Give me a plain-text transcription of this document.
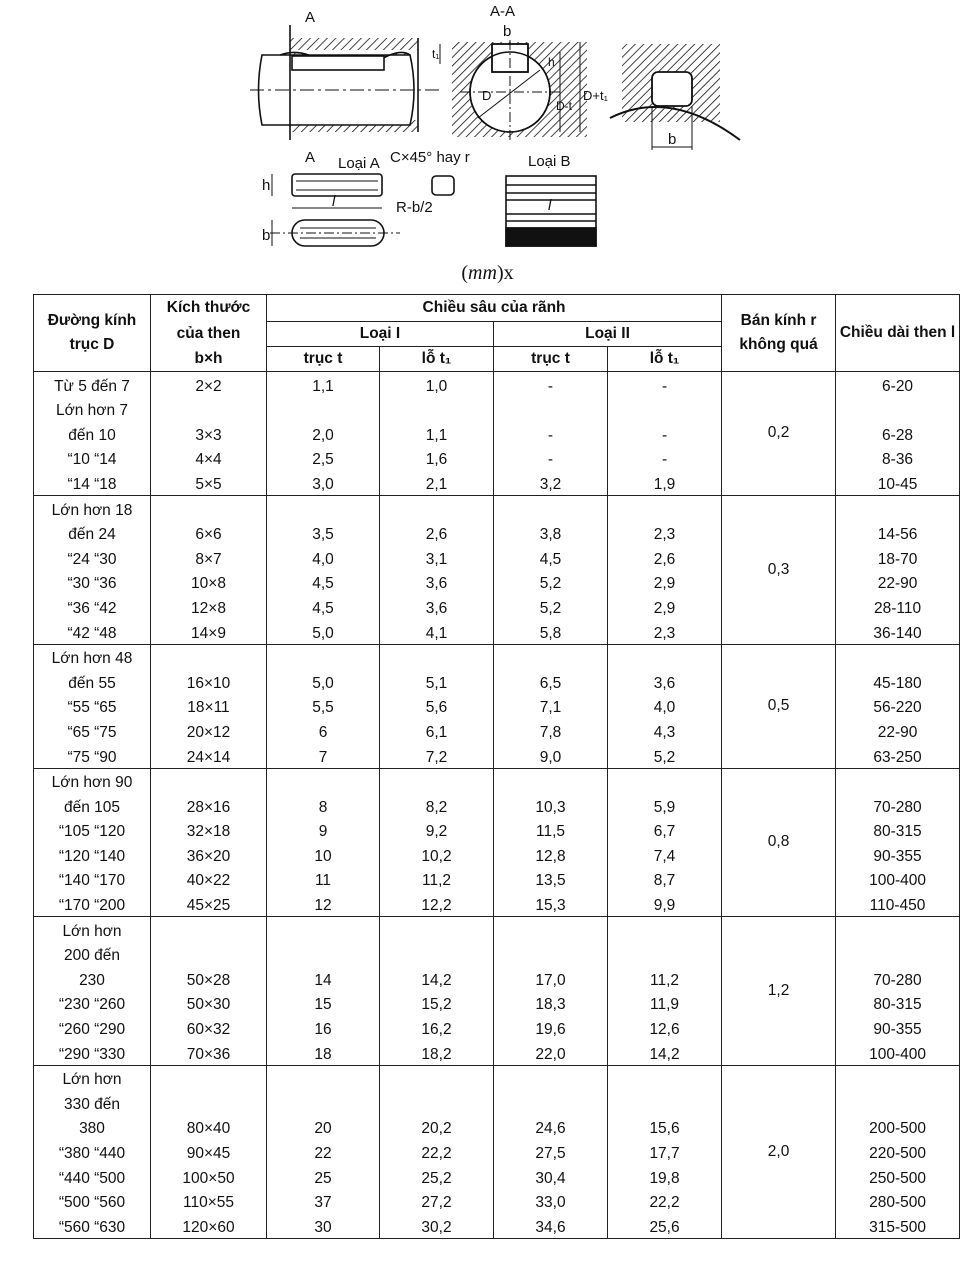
A	A-A
b
t₁
h
D
D-t
D+t₁
A Loại A C×45° hay r	Loại B
h
b
l	l
R-b/2
b
(mm)x
Đường kính trục D	Kích thước	Chiều sâu của rãnh				Bán kính r không quá	Chiều dài then l
	của then	Loại I		Loại II			
	b×h	trục t	lỗ t₁	trục t	lỗ t₁		
Từ 5 đến 7	2×2	1,1	1,0	-	-	0,2	6-20
Lớn hơn 7							
đến 10	3×3	2,0	1,1	-	-		6-28
“10 “14	4×4	2,5	1,6	-	-		8-36
“14 “18	5×5	3,0	2,1	3,2	1,9		10-45
Lớn hơn 18						0,3	
đến 24	6×6	3,5	2,6	3,8	2,3		14-56
“24 “30	8×7	4,0	3,1	4,5	2,6		18-70
“30 “36	10×8	4,5	3,6	5,2	2,9		22-90
“36 “42	12×8	4,5	3,6	5,2	2,9		28-110
“42 “48	14×9	5,0	4,1	5,8	2,3		36-140
Lớn hơn 48						0,5	
đến 55	16×10	5,0	5,1	6,5	3,6		45-180
“55 “65	18×11	5,5	5,6	7,1	4,0		56-220
“65 “75	20×12	6	6,1	7,8	4,3		22-90
“75 “90	24×14	7	7,2	9,0	5,2		63-250
Lớn hơn 90						0,8	
đến 105	28×16	8	8,2	10,3	5,9		70-280
“105 “120	32×18	9	9,2	11,5	6,7		80-315
“120 “140	36×20	10	10,2	12,8	7,4		90-355
“140 “170	40×22	11	11,2	13,5	8,7		100-400
“170 “200	45×25	12	12,2	15,3	9,9		110-450
Lớn hơn						1,2	
200 đến							
230	50×28	14	14,2	17,0	11,2		70-280
“230 “260	50×30	15	15,2	18,3	11,9		80-315
“260 “290	60×32	16	16,2	19,6	12,6		90-355
“290 “330	70×36	18	18,2	22,0	14,2		100-400
Lớn hơn						2,0	
330 đến							
380	80×40	20	20,2	24,6	15,6		200-500
“380 “440	90×45	22	22,2	27,5	17,7		220-500
“440 “500	100×50	25	25,2	30,4	19,8		250-500
“500 “560	110×55	37	27,2	33,0	22,2		280-500
“560 “630	120×60	30	30,2	34,6	25,6		315-500
